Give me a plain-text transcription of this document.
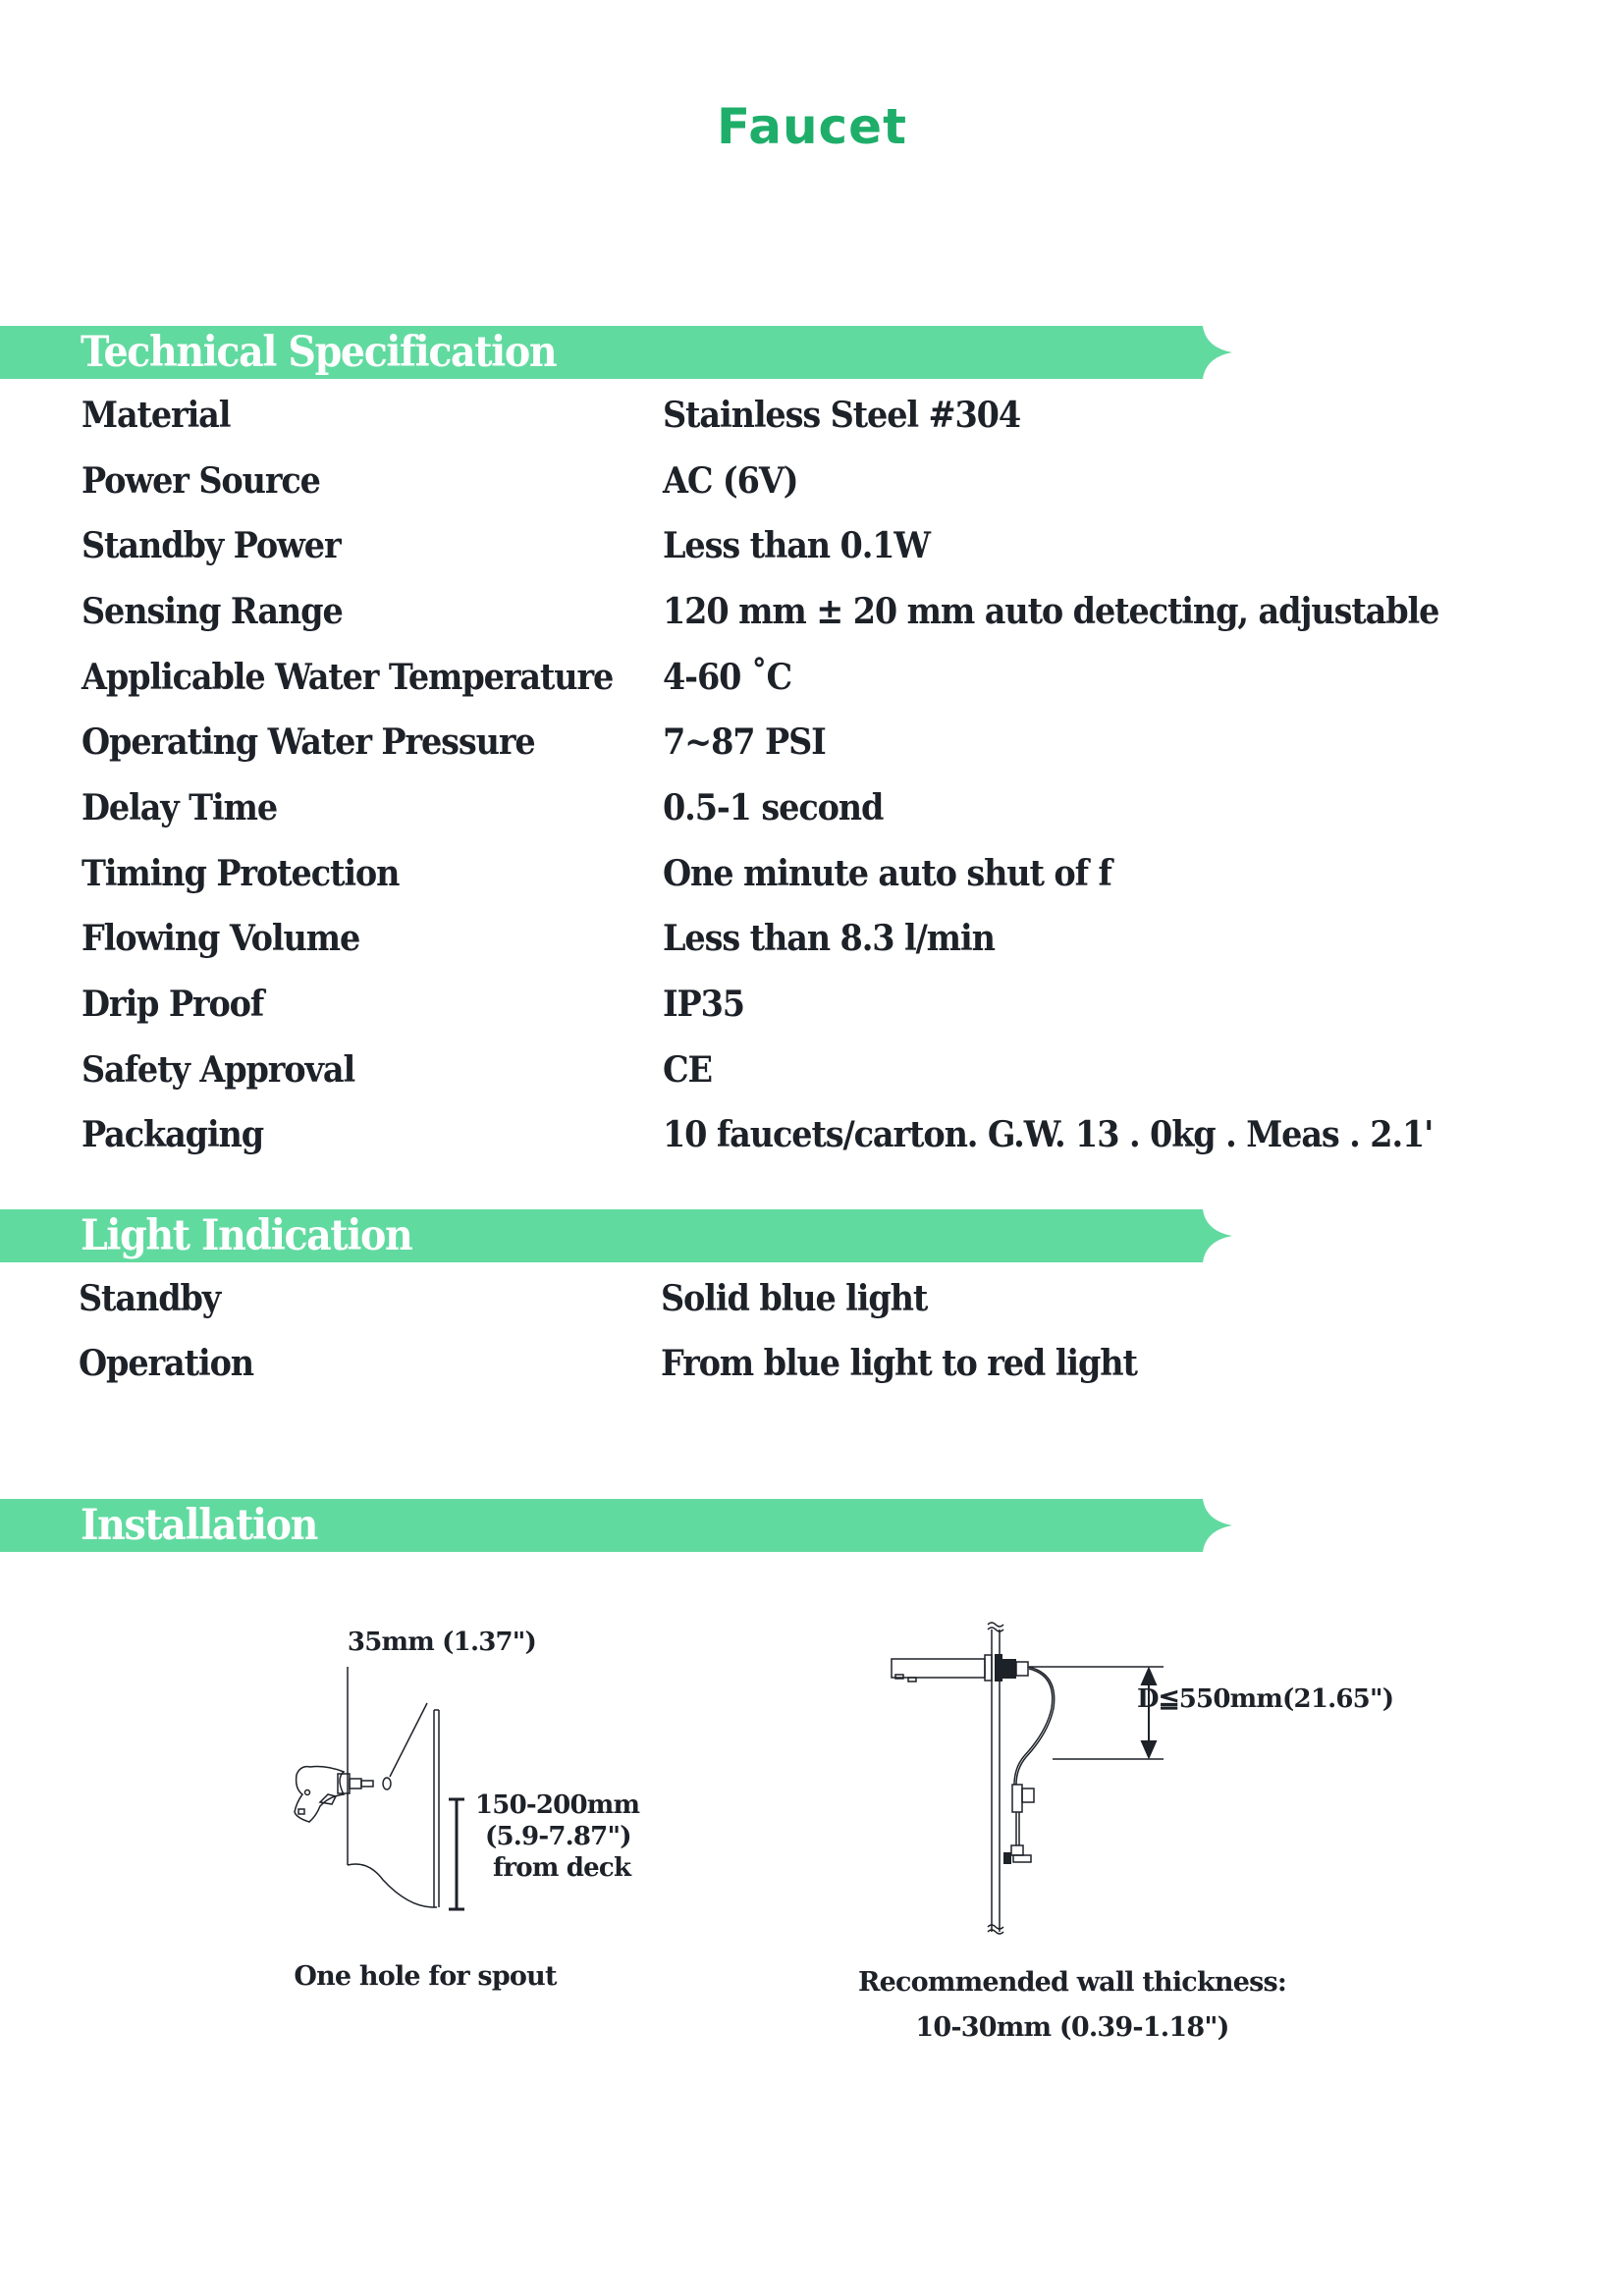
Faucet
Technical Specification
Material	Stainless Steel #304
Power Source	AC (6V)
Standby Power	Less than 0.1W
Sensing Range	120 mm ± 20 mm auto detecting, adjustable
Applicable Water Temperature 4-60 ˚C
Operating Water Pressure	7~87 PSI
Delay Time	0.5-1 second
Timing Protection	One minute auto shut of f
Flowing Volume	Less than 8.3 l/min
Drip Proof	IP35
Safety Approval	CE
Packaging	10 faucets/carton. G.W. 13 . 0kg . Meas . 2.1'
Light Indication
Standby	Solid blue light
Operation	From blue light to red light
Installation
35mm (1.37")
150-200mm
(5.9-7.87")
from deck
One hole for spout
D≦550mm(21.65")
Recommended wall thickness:
10-30mm (0.39-1.18")
